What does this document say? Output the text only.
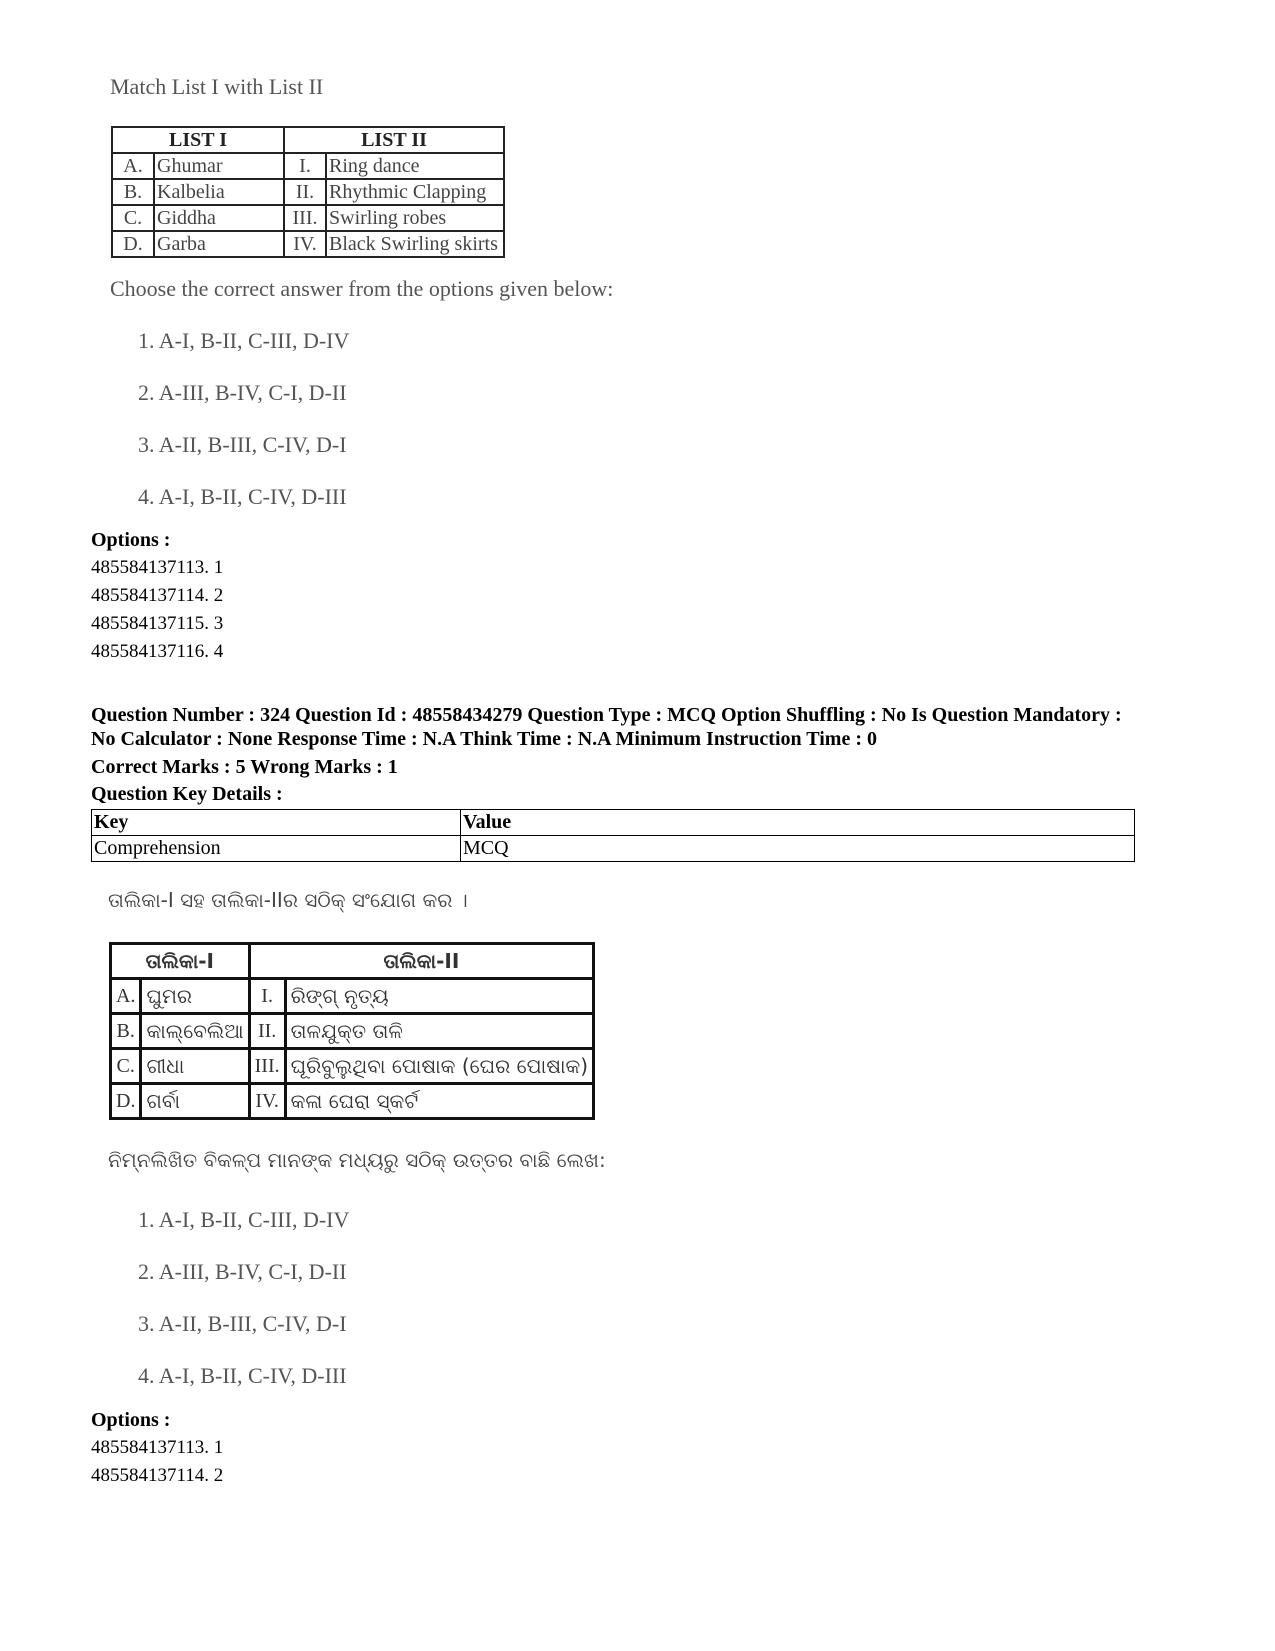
Match List I with List II
LIST I		LIST II	
A.	Ghumar	I.	Ring dance
B.	Kalbelia	II.	Rhythmic Clapping
C.	Giddha	III.	Swirling robes
D.	Garba	IV.	Black Swirling skirts
Choose the correct answer from the options given below:
1. A-I, B-II, C-III, D-IV
2. A-III, B-IV, C-I, D-II
3. A-II, B-III, C-IV, D-I
4. A-I, B-II, C-IV, D-III
Options :
485584137113. 1
485584137114. 2
485584137115. 3
485584137116. 4
Question Number : 324 Question Id : 48558434279 Question Type : MCQ Option Shuffling : No Is Question Mandatory :
No Calculator : None Response Time : N.A Think Time : N.A Minimum Instruction Time : 0
Correct Marks : 5 Wrong Marks : 1
Question Key Details :
Key	Value
Comprehension	MCQ
ତାଲିକା-I ସହ ତାଲିକା-IIର ସଠିକ୍ ସଂଯୋଗ କର ।
ତାଲିକା-I		ତାଲିକା-II	
A.	ଘୁମର	I.	ରିଙ୍ଗ୍ ନୃତ୍ୟ
B.	କାଲ୍‌ବେଲିଆ	II.	ତାଳଯୁକ୍ତ ତାଳି
C.	ଗୀଧା	III.	ଘୂରିବୁଲୁଥିବା ପୋଷାକ (ଘେର ପୋଷାକ)
D.	ଗର୍ବା	IV.	କଳା ଘେରା ସ୍କର୍ଟ
ନିମ୍ନଲିଖିତ ବିକଳ୍ପ ମାନଙ୍କ ମଧ୍ୟରୁ ସଠିକ୍ ଉତ୍ତର ବାଛି ଲେଖ:
1. A-I, B-II, C-III, D-IV
2. A-III, B-IV, C-I, D-II
3. A-II, B-III, C-IV, D-I
4. A-I, B-II, C-IV, D-III
Options :
485584137113. 1
485584137114. 2
